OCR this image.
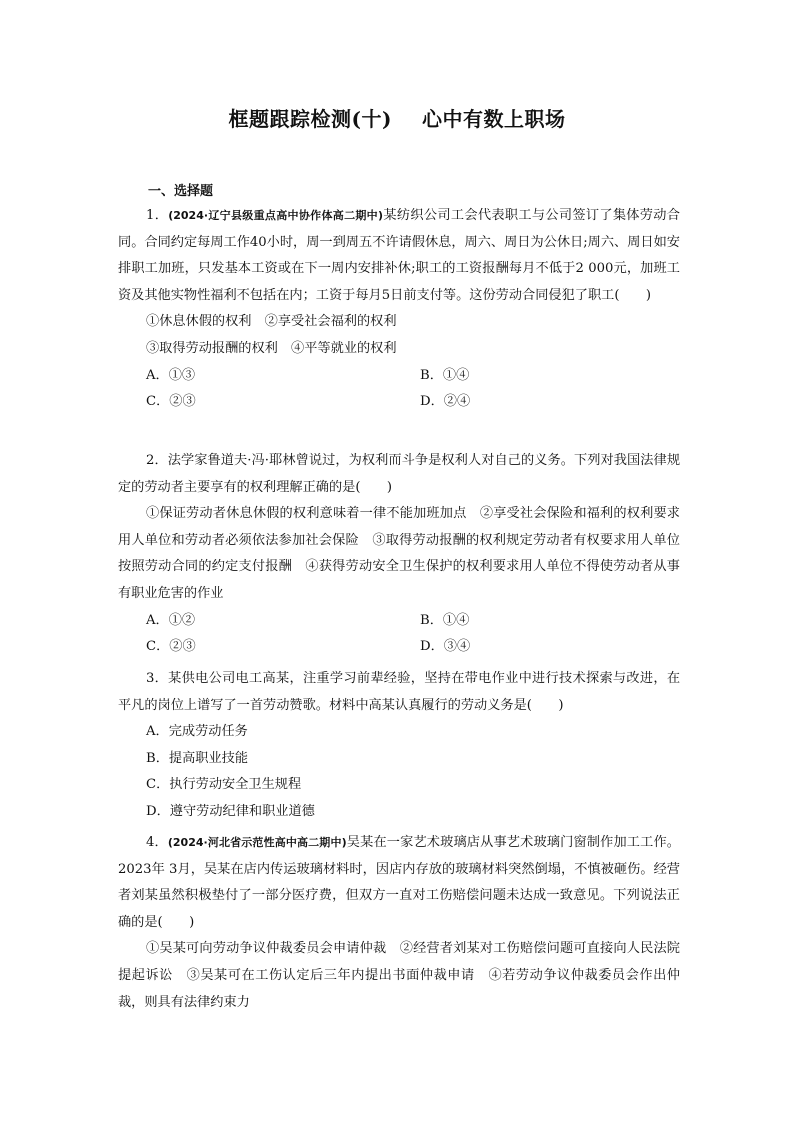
框题跟踪检测(十) 心中有数上职场
一、选择题

1．(2024·辽宁县级重点高中协作体高二期中)某纺织公司工会代表职工与公司签订了集体劳动合同。合同约定每周工作40小时，周一到周五不许请假休息，周六、周日为公休日;周六、周日如安排职工加班，只发基本工资或在下一周内安排补休;职工的工资报酬每月不低于2 000元，加班工资及其他实物性福利不包括在内；工资于每月5日前支付等。这份劳动合同侵犯了职工(　　)

①休息休假的权利　②享受社会福利的权利

③取得劳动报酬的权利　④平等就业的权利

A．①③	B．①④
C．②③	D．②④

2．法学家鲁道夫·冯·耶林曾说过，为权利而斗争是权利人对自己的义务。下列对我国法律规定的劳动者主要享有的权利理解正确的是(　　)

①保证劳动者休息休假的权利意味着一律不能加班加点　②享受社会保险和福利的权利要求用人单位和劳动者必须依法参加社会保险　③取得劳动报酬的权利规定劳动者有权要求用人单位按照劳动合同的约定支付报酬　④获得劳动安全卫生保护的权利要求用人单位不得使劳动者从事有职业危害的作业

A．①②	B．①④
C．②③	D．③④

3．某供电公司电工高某，注重学习前辈经验，坚持在带电作业中进行技术探索与改进，在平凡的岗位上谱写了一首劳动赞歌。材料中高某认真履行的劳动义务是(　　)

A．完成劳动任务

B．提高职业技能

C．执行劳动安全卫生规程

D．遵守劳动纪律和职业道德

4．(2024·河北省示范性高中高二期中)吴某在一家艺术玻璃店从事艺术玻璃门窗制作加工工作。2023年 3月，吴某在店内传运玻璃材料时，因店内存放的玻璃材料突然倒塌，不慎被砸伤。经营者刘某虽然积极垫付了一部分医疗费，但双方一直对工伤赔偿问题未达成一致意见。下列说法正确的是(　　)

①吴某可向劳动争议仲裁委员会申请仲裁　②经营者刘某对工伤赔偿问题可直接向人民法院提起诉讼　③吴某可在工伤认定后三年内提出书面仲裁申请　④若劳动争议仲裁委员会作出仲裁，则具有法律约束力
